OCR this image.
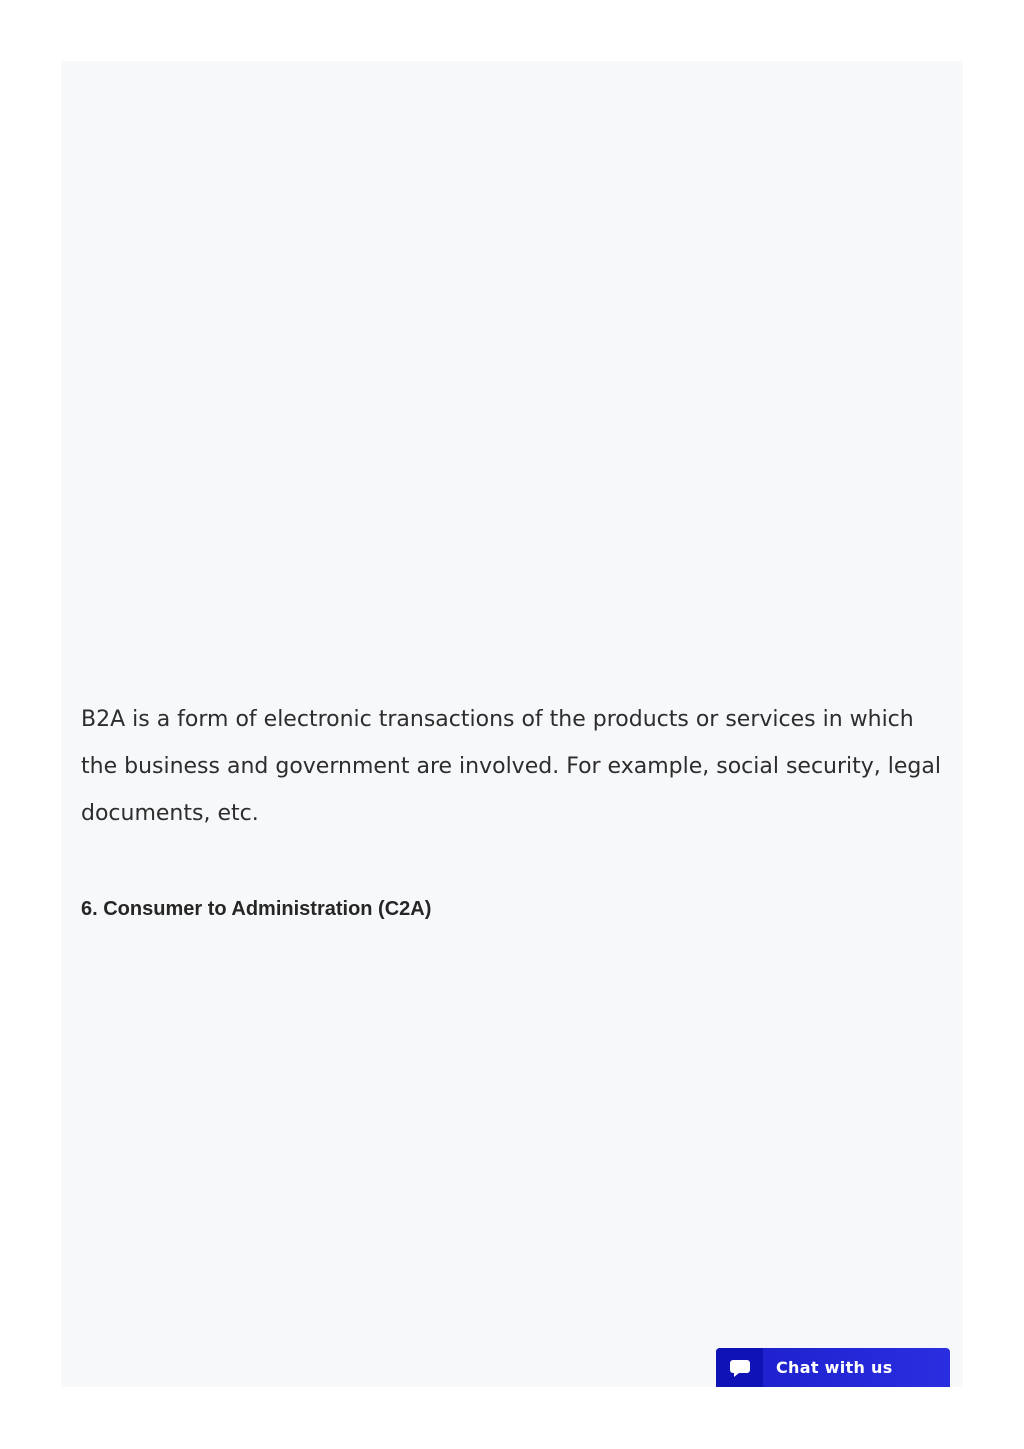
B2A is a form of electronic transactions of the products or services in which the business and government are involved. For example, social security, legal documents, etc.

6. Consumer to Administration (C2A)
Chat with us
